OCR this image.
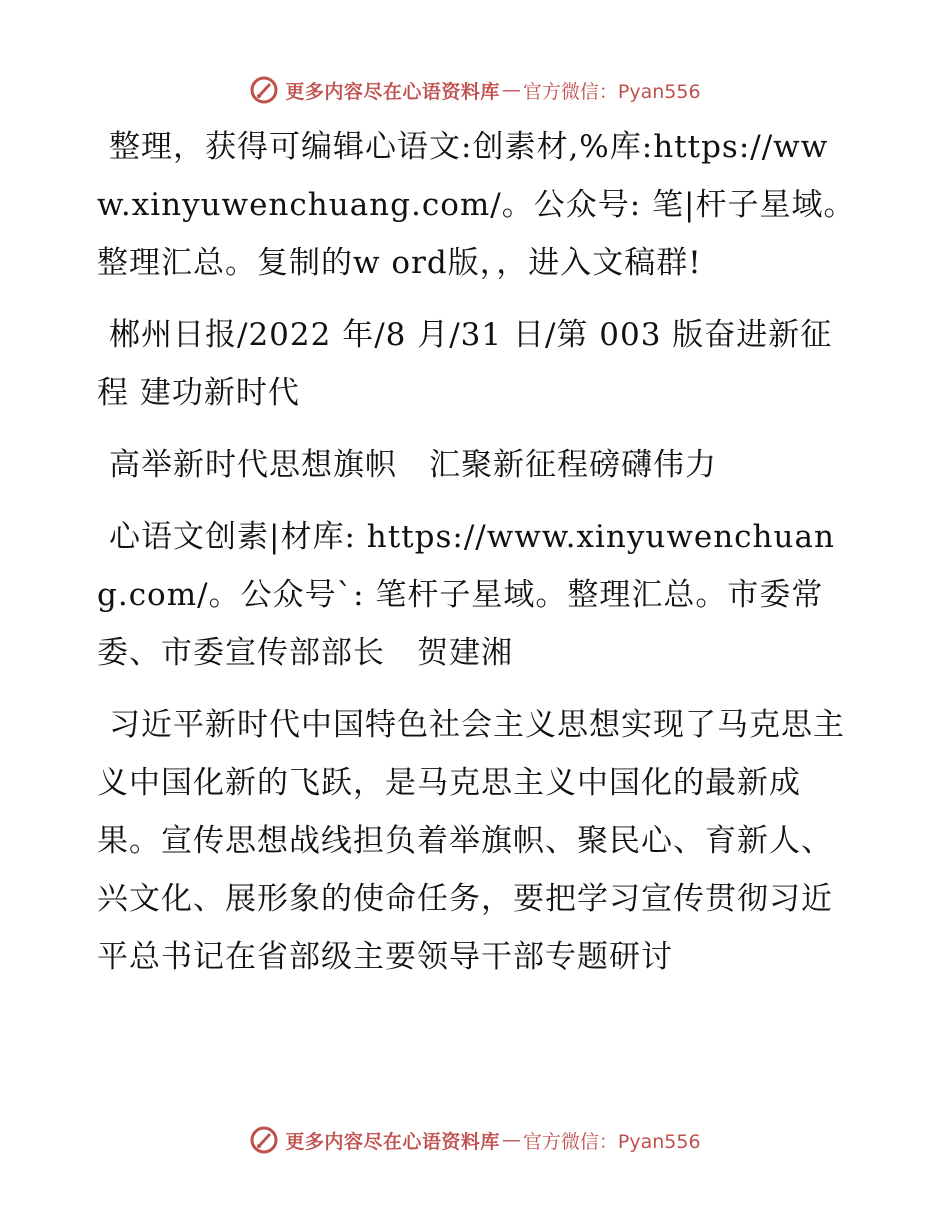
更多内容尽在心语资料库 — 官方微信：Pyan556

整理，获得可编辑心语文:创素材,%库:https://www.xinyuwenchuang.com/。公众号: 笔|杆子星域。整理汇总。复制的w ord版，，进入文稿群!

郴州日报/2022 年/8 月/31 日/第 003 版奋进新征程 建功新时代

高举新时代思想旗帜　汇聚新征程磅礴伟力

心语文创素|材库: https://www.xinyuwenchuang.com/。公众号`: 笔杆子星域。整理汇总。市委常委、市委宣传部部长　贺建湘

习近平新时代中国特色社会主义思想实现了马克思主义中国化新的飞跃，是马克思主义中国化的最新成果。宣传思想战线担负着举旗帜、聚民心、育新人、兴文化、展形象的使命任务，要把学习宣传贯彻习近平总书记在省部级主要领导干部专题研讨

更多内容尽在心语资料库 — 官方微信：Pyan556
